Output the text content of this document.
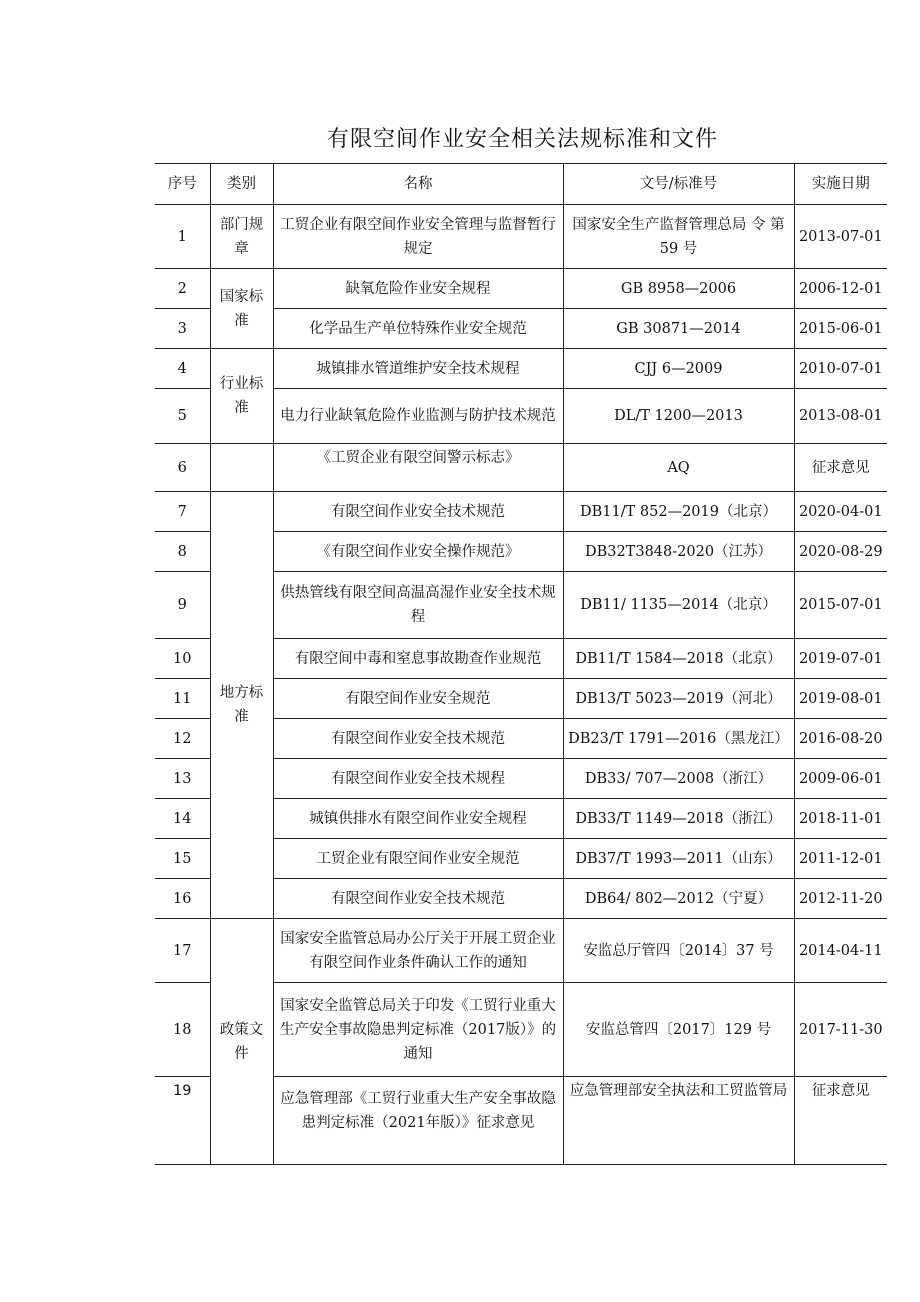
有限空间作业安全相关法规标准和文件
序号	类别	名称	文号/标准号	实施日期
1	部门规章	工贸企业有限空间作业安全管理与监督暂行规定	国家安全生产监督管理总局 令 第 59 号	2013-07-01
2	国家标准	缺氧危险作业安全规程	GB 8958—2006	2006-12-01
3		化学品生产单位特殊作业安全规范	GB 30871—2014	2015-06-01
4	行业标准	城镇排水管道维护安全技术规程	CJJ 6—2009	2010-07-01
5		电力行业缺氧危险作业监测与防护技术规范	DL/T 1200—2013	2013-08-01
6		《工贸企业有限空间警示标志》	AQ	征求意见
7	地方标准	有限空间作业安全技术规范	DB11/T 852—2019（北京）	2020-04-01
8		《有限空间作业安全操作规范》	DB32T3848-2020（江苏）	2020-08-29
9		供热管线有限空间高温高湿作业安全技术规程	DB11/ 1135—2014（北京）	2015-07-01
10		有限空间中毒和窒息事故勘查作业规范	DB11/T 1584—2018（北京）	2019-07-01
11		有限空间作业安全规范	DB13/T 5023—2019（河北）	2019-08-01
12		有限空间作业安全技术规范	DB23/T 1791—2016（黑龙江）	2016-08-20
13		有限空间作业安全技术规程	DB33/ 707—2008（浙江）	2009-06-01
14		城镇供排水有限空间作业安全规程	DB33/T 1149—2018（浙江）	2018-11-01
15		工贸企业有限空间作业安全规范	DB37/T 1993—2011（山东）	2011-12-01
16		有限空间作业安全技术规范	DB64/ 802—2012（宁夏）	2012-11-20
17	政策文件	国家安全监管总局办公厅关于开展工贸企业有限空间作业条件确认工作的通知	安监总厅管四〔2014〕37 号	2014-04-11
18		国家安全监管总局关于印发《工贸行业重大生产安全事故隐患判定标准（2017版）》的通知	安监总管四〔2017〕129 号	2017-11-30
19		应急管理部《工贸行业重大生产安全事故隐患判定标准（2021年版）》征求意见	应急管理部安全执法和工贸监管局	征求意见
